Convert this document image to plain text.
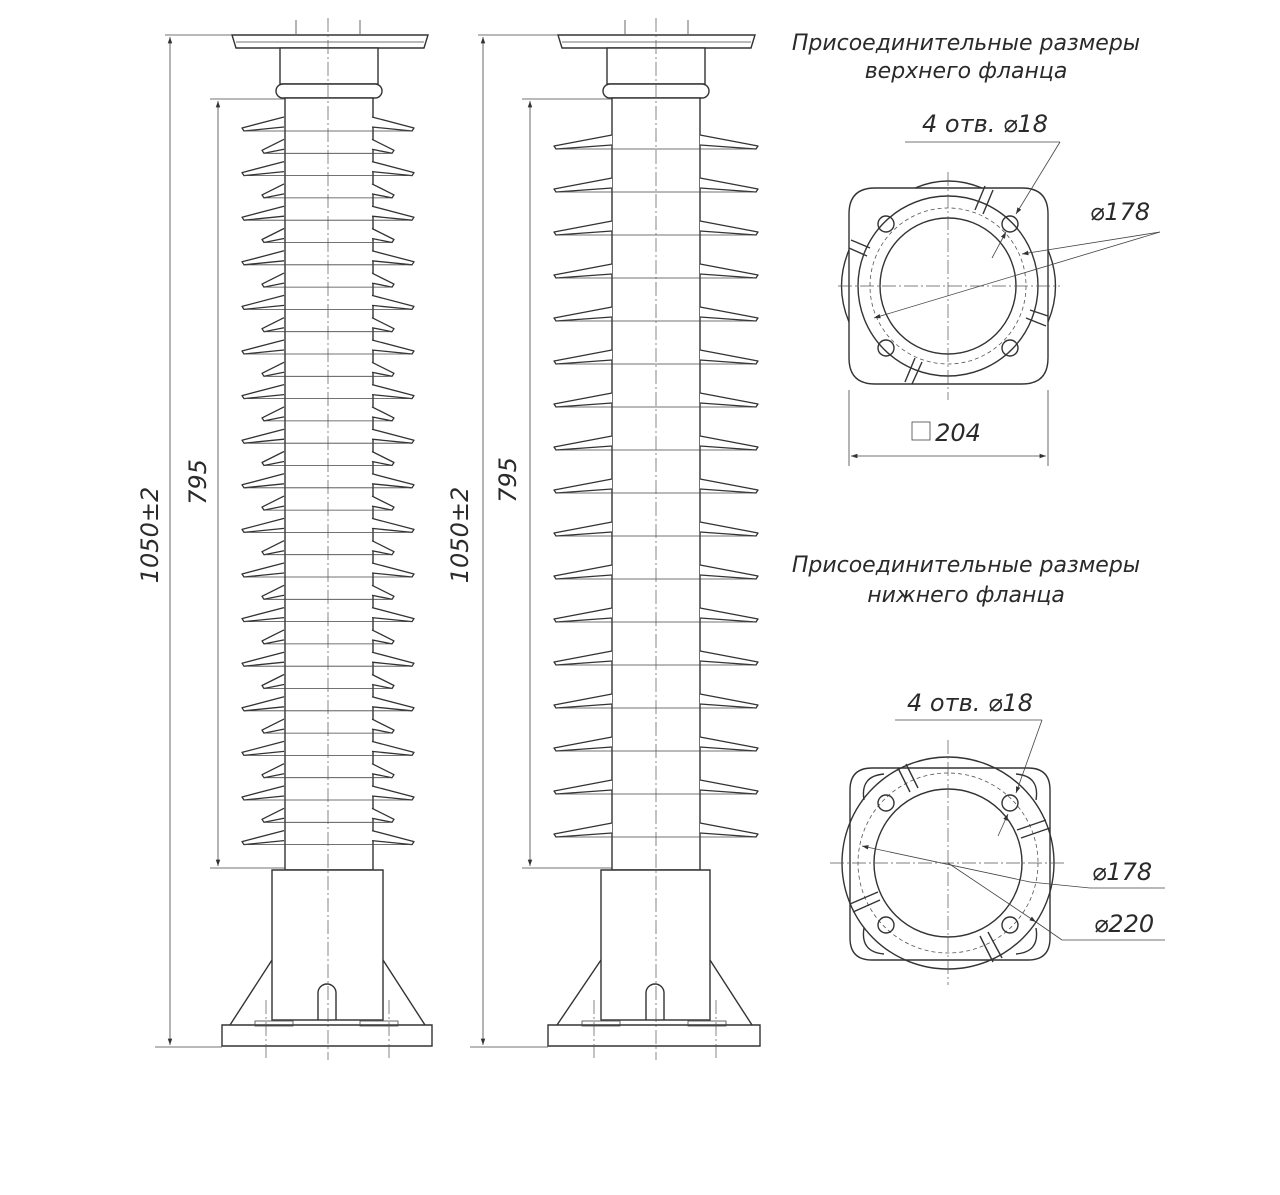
1050±2
795
1050±2
795
Присоединительные размеры
верхнего фланца
4 отв. ⌀18
⌀178
204
Присоединительные размеры
нижнего фланца
4 отв. ⌀18
⌀178
⌀220
